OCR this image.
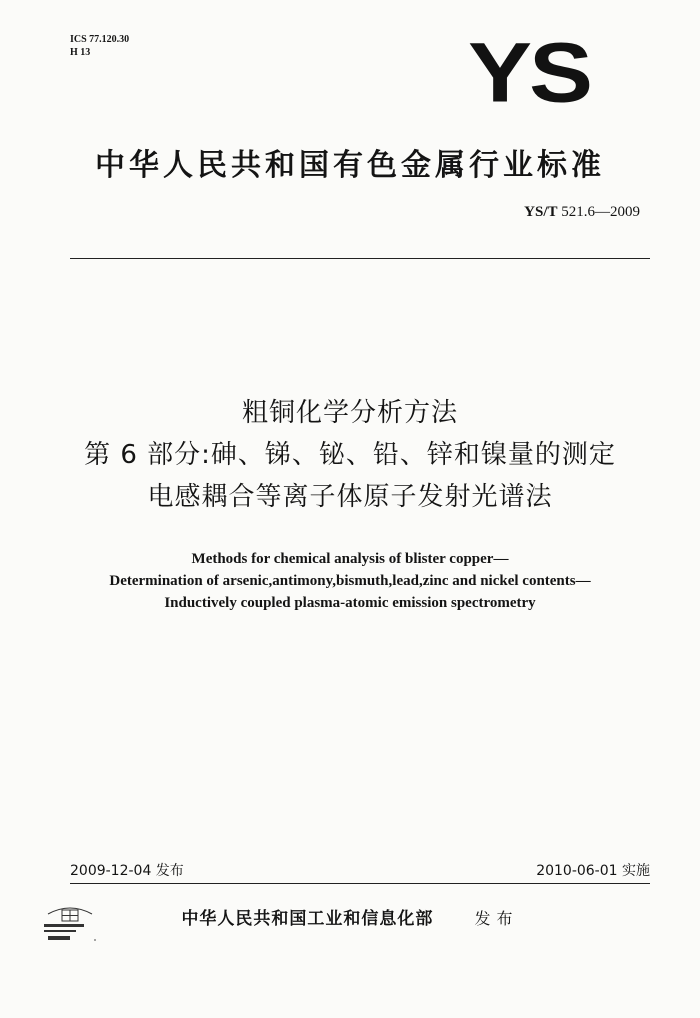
ICS 77.120.30
H 13	YS
中华人民共和国有色金属行业标准
YS/T 521.6—2009
粗铜化学分析方法
第 6 部分:砷、锑、铋、铅、锌和镍量的测定
电感耦合等离子体原子发射光谱法
Methods for chemical analysis of blister copper—
Determination of arsenic,antimony,bismuth,lead,zinc and nickel contents—
Inductively coupled plasma-atomic emission spectrometry
2009-12-04 发布	2010-06-01 实施
中华人民共和国工业和信息化部	发布
